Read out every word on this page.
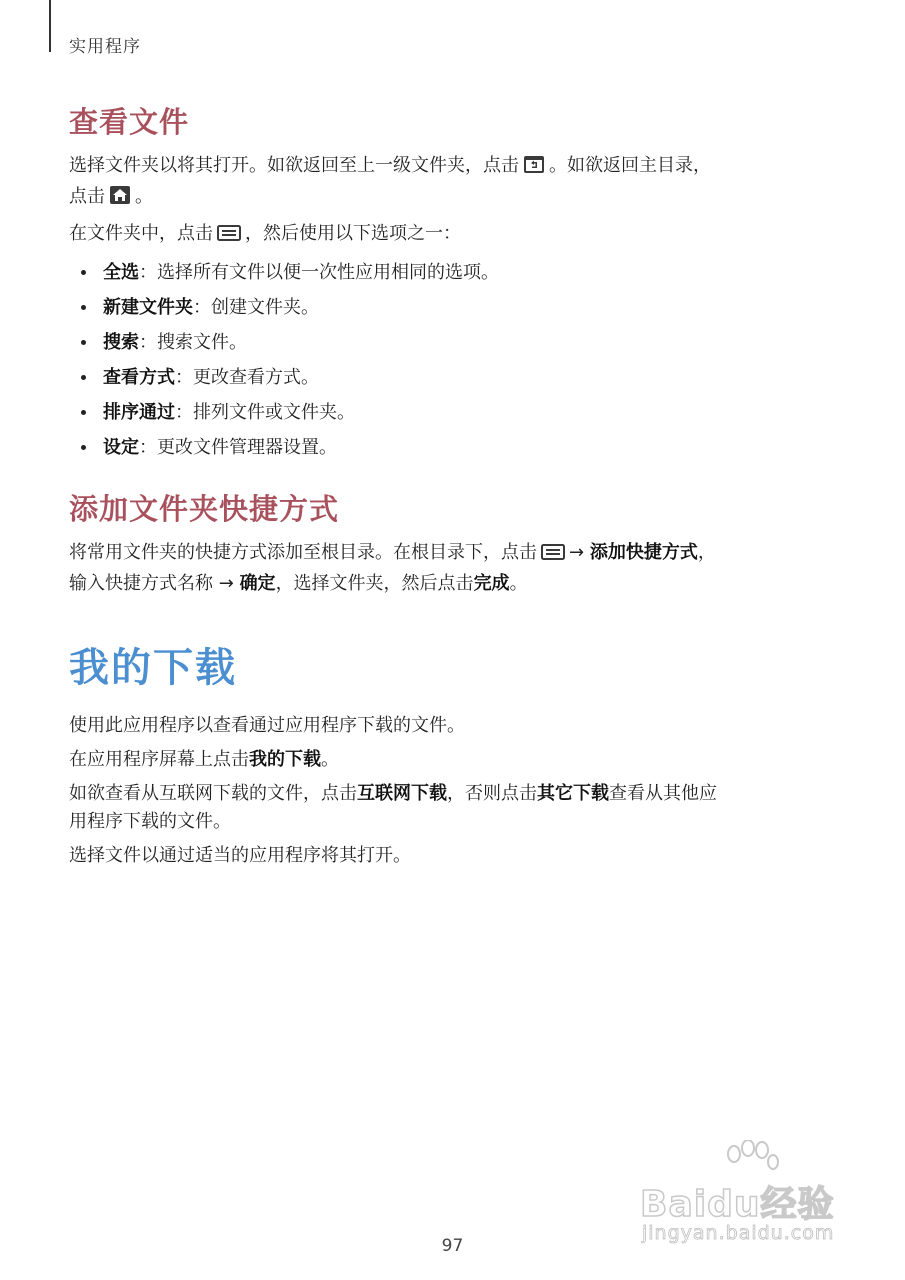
实用程序
查看文件

选择文件夹以将其打开。如欲返回至上一级文件夹，点击 。如欲返回主目录，
点击 。

在文件夹中，点击 ，然后使用以下选项之一：

全选：选择所有文件以便一次性应用相同的选项。
新建文件夹：创建文件夹。
搜索：搜索文件。
查看方式：更改查看方式。
排序通过：排列文件或文件夹。
设定：更改文件管理器设置。
添加文件夹快捷方式

将常用文件夹的快捷方式添加至根目录。在根目录下，点击 → 添加快捷方式，
输入快捷方式名称 → 确定，选择文件夹，然后点击完成。

我的下载

使用此应用程序以查看通过应用程序下载的文件。

在应用程序屏幕上点击我的下载。

如欲查看从互联网下载的文件，点击互联网下载，否则点击其它下载查看从其他应
用程序下载的文件。

选择文件以通过适当的应用程序将其打开。

Baidu经验
jingyan.baidu.com
97
